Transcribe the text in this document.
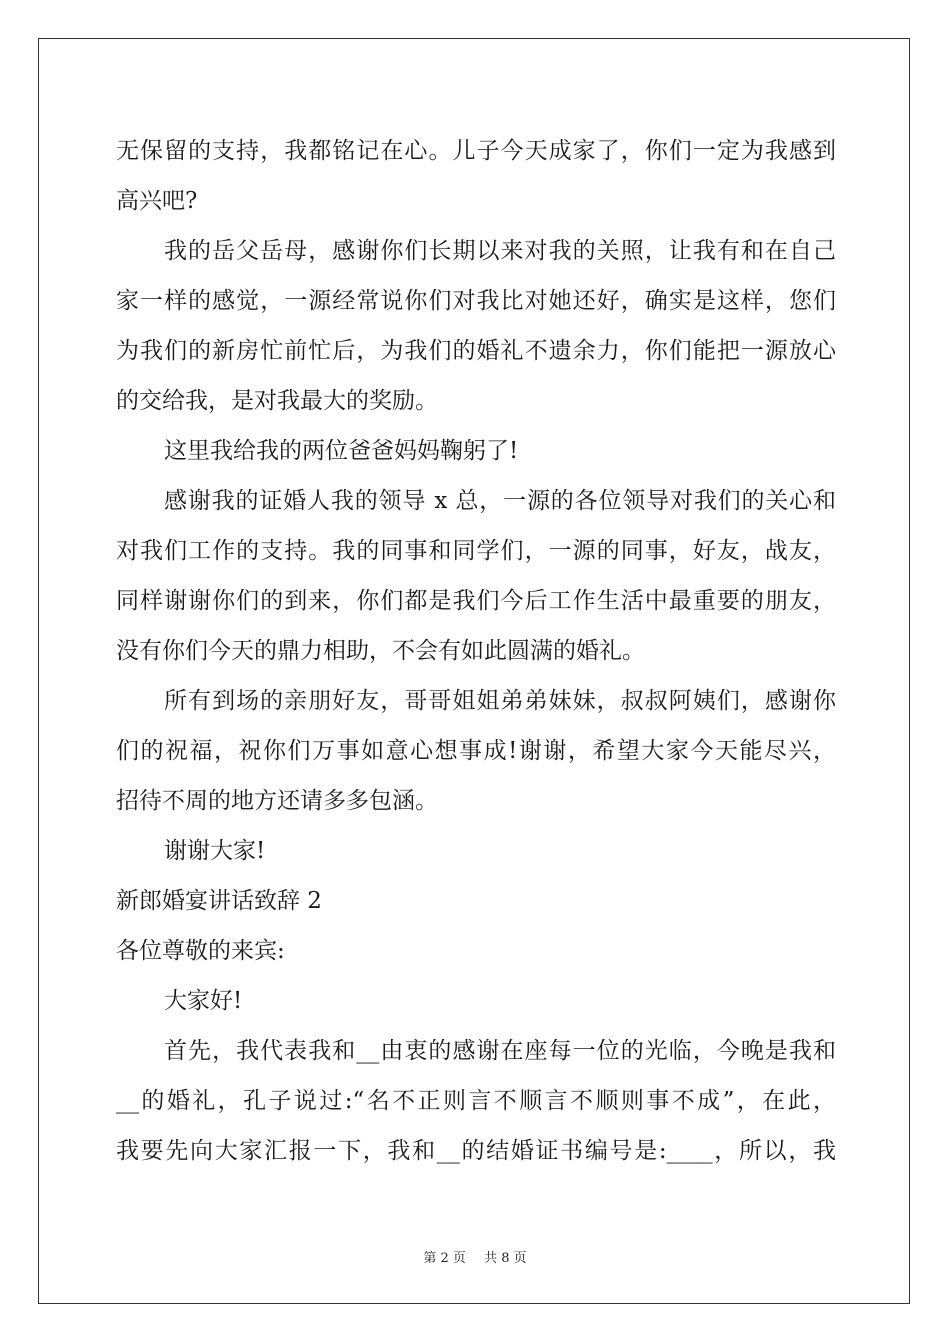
无保留的支持，我都铭记在心。儿子今天成家了，你们一定为我感到
高兴吧?
我的岳父岳母，感谢你们长期以来对我的关照，让我有和在自己
家一样的感觉，一源经常说你们对我比对她还好，确实是这样，您们
为我们的新房忙前忙后，为我们的婚礼不遗余力，你们能把一源放心
的交给我，是对我最大的奖励。
这里我给我的两位爸爸妈妈鞠躬了!
感谢我的证婚人我的领导 x 总，一源的各位领导对我们的关心和
对我们工作的支持。我的同事和同学们，一源的同事，好友，战友，
同样谢谢你们的到来，你们都是我们今后工作生活中最重要的朋友，
没有你们今天的鼎力相助，不会有如此圆满的婚礼。
所有到场的亲朋好友，哥哥姐姐弟弟妹妹，叔叔阿姨们，感谢你
们的祝福，祝你们万事如意心想事成!谢谢，希望大家今天能尽兴，
招待不周的地方还请多多包涵。
谢谢大家!
新郎婚宴讲话致辞 2
各位尊敬的来宾:
大家好!
首先，我代表我和__由衷的感谢在座每一位的光临，今晚是我和
__的婚礼，孔子说过:“名不正则言不顺言不顺则事不成”，在此，
我要先向大家汇报一下，我和__的结婚证书编号是:____，所以，我
第 2 页 共 8 页
